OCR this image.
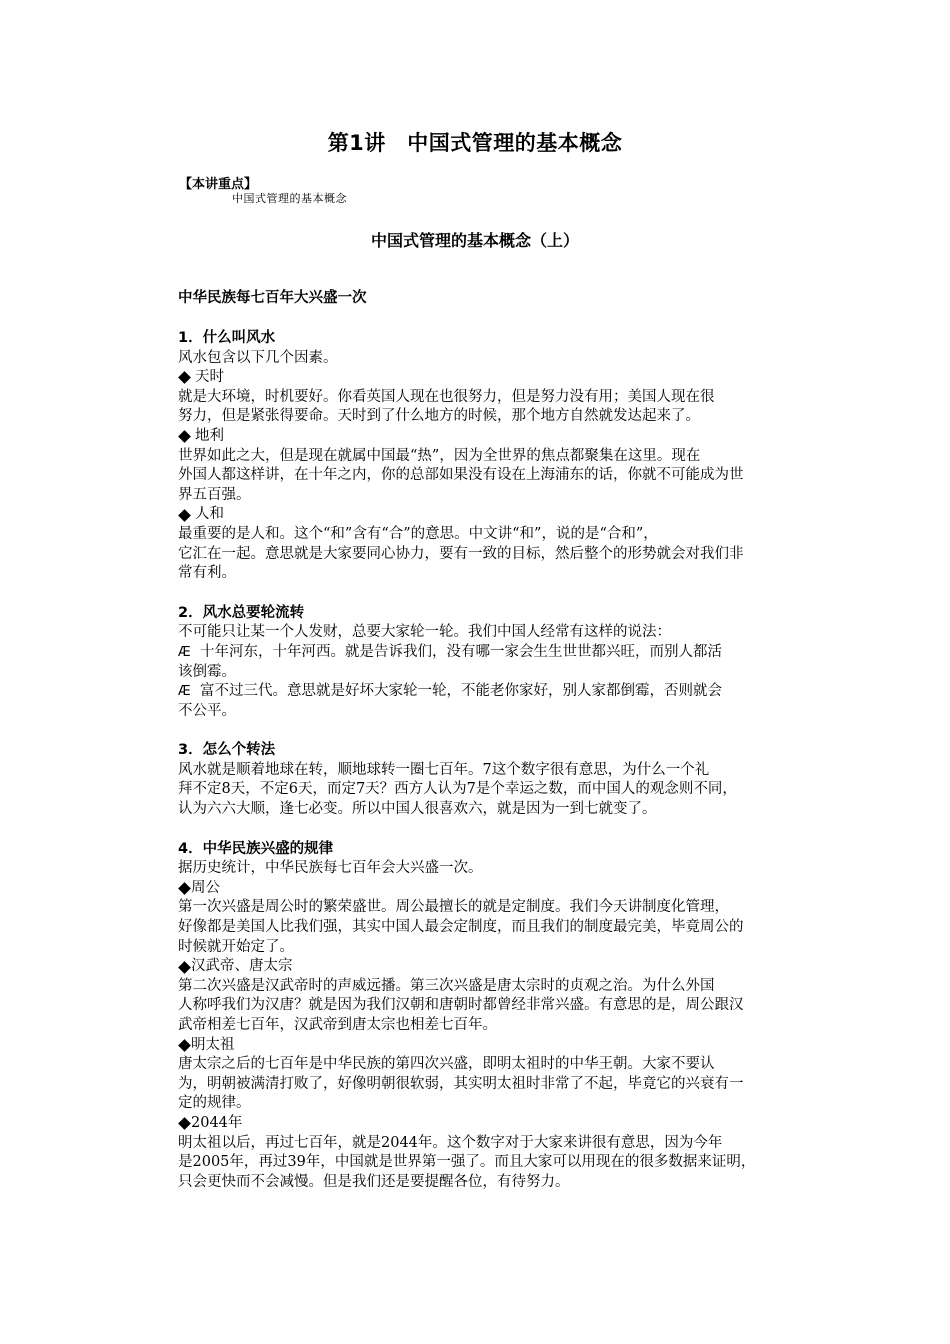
第1讲　中国式管理的基本概念
【本讲重点】
中国式管理的基本概念
中国式管理的基本概念（上）
中华民族每七百年大兴盛一次
1．什么叫风水
风水包含以下几个因素。
天时
就是大环境，时机要好。你看英国人现在也很努力，但是努力没有用；美国人现在很
努力，但是紧张得要命。天时到了什么地方的时候，那个地方自然就发达起来了。
地利
世界如此之大，但是现在就属中国最“热”，因为全世界的焦点都聚集在这里。现在
外国人都这样讲，在十年之内，你的总部如果没有设在上海浦东的话，你就不可能成为世
界五百强。
人和
最重要的是人和。这个“和”含有“合”的意思。中文讲“和”，说的是“合和”，
它汇在一起。意思就是大家要同心协力，要有一致的目标，然后整个的形势就会对我们非
常有利。
2．风水总要轮流转
不可能只让某一个人发财，总要大家轮一轮。我们中国人经常有这样的说法：
Æ 十年河东，十年河西。就是告诉我们，没有哪一家会生生世世都兴旺，而别人都活
该倒霉。
Æ 富不过三代。意思就是好坏大家轮一轮，不能老你家好，别人家都倒霉，否则就会
不公平。
3．怎么个转法
风水就是顺着地球在转，顺地球转一圈七百年。7这个数字很有意思，为什么一个礼
拜不定8天，不定6天，而定7天？西方人认为7是个幸运之数，而中国人的观念则不同，
认为六六大顺，逢七必变。所以中国人很喜欢六，就是因为一到七就变了。
4．中华民族兴盛的规律
据历史统计，中华民族每七百年会大兴盛一次。
周公
第一次兴盛是周公时的繁荣盛世。周公最擅长的就是定制度。我们今天讲制度化管理，
好像都是美国人比我们强，其实中国人最会定制度，而且我们的制度最完美，毕竟周公的
时候就开始定了。
汉武帝、唐太宗
第二次兴盛是汉武帝时的声威远播。第三次兴盛是唐太宗时的贞观之治。为什么外国
人称呼我们为汉唐？就是因为我们汉朝和唐朝时都曾经非常兴盛。有意思的是，周公跟汉
武帝相差七百年，汉武帝到唐太宗也相差七百年。
明太祖
唐太宗之后的七百年是中华民族的第四次兴盛，即明太祖时的中华王朝。大家不要认
为，明朝被满清打败了，好像明朝很软弱，其实明太祖时非常了不起，毕竟它的兴衰有一
定的规律。
2044年
明太祖以后，再过七百年，就是2044年。这个数字对于大家来讲很有意思，因为今年
是2005年，再过39年，中国就是世界第一强了。而且大家可以用现在的很多数据来证明，
只会更快而不会减慢。但是我们还是要提醒各位，有待努力。
